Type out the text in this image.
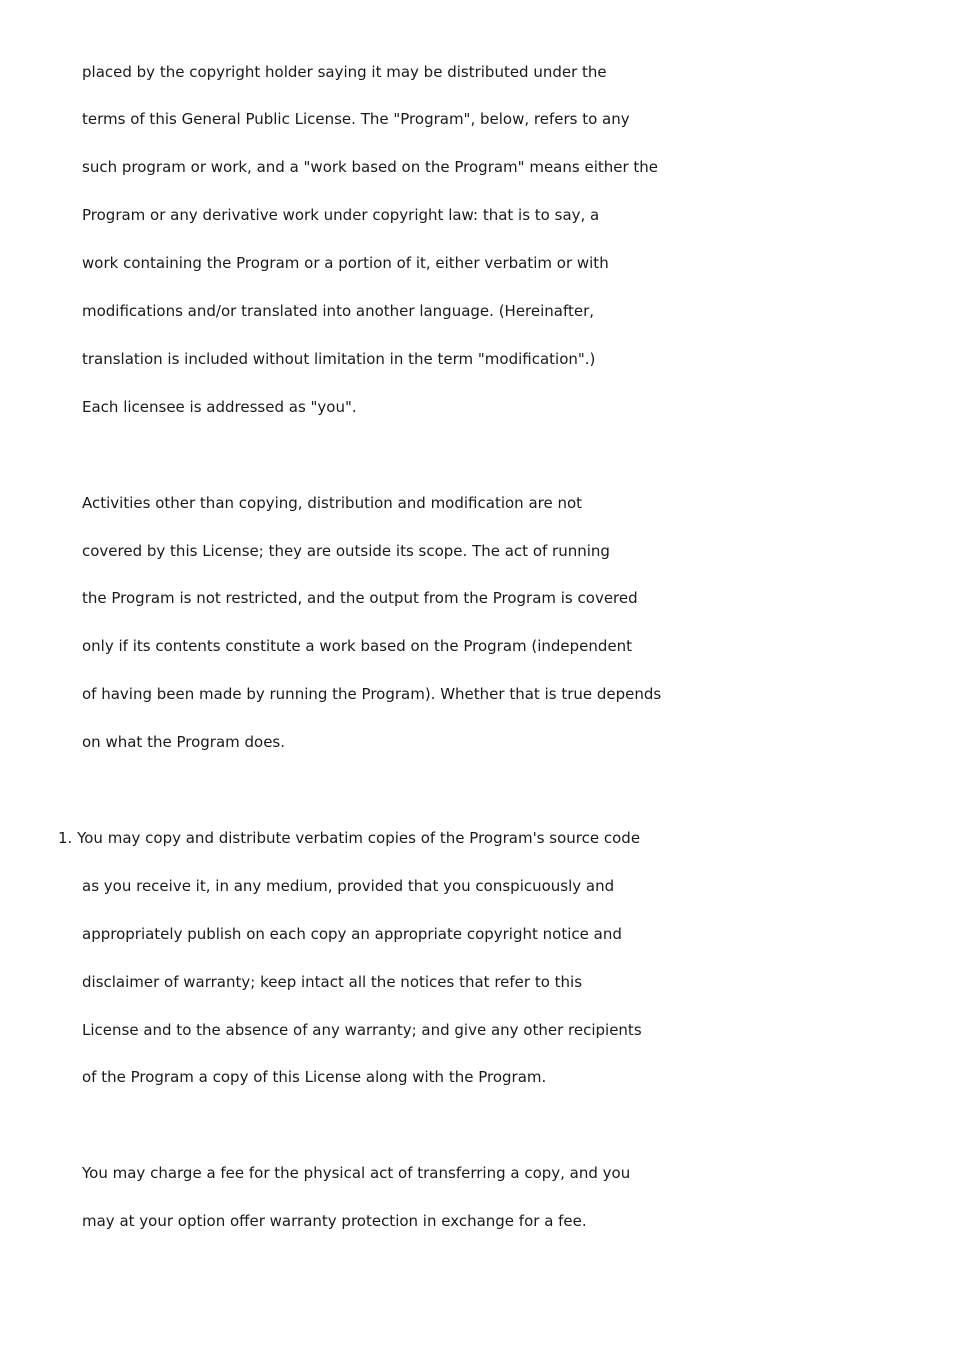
placed by the copyright holder saying it may be distributed under the
terms of this General Public License. The "Program", below, refers to any
such program or work, and a "work based on the Program" means either the
Program or any derivative work under copyright law: that is to say, a
work containing the Program or a portion of it, either verbatim or with
modifications and/or translated into another language. (Hereinafter,
translation is included without limitation in the term "modification".)
Each licensee is addressed as "you".
Activities other than copying, distribution and modification are not
covered by this License; they are outside its scope. The act of running
the Program is not restricted, and the output from the Program is covered
only if its contents constitute a work based on the Program (independent
of having been made by running the Program). Whether that is true depends
on what the Program does.
1. You may copy and distribute verbatim copies of the Program's source code
as you receive it, in any medium, provided that you conspicuously and
appropriately publish on each copy an appropriate copyright notice and
disclaimer of warranty; keep intact all the notices that refer to this
License and to the absence of any warranty; and give any other recipients
of the Program a copy of this License along with the Program.
You may charge a fee for the physical act of transferring a copy, and you
may at your option offer warranty protection in exchange for a fee.
